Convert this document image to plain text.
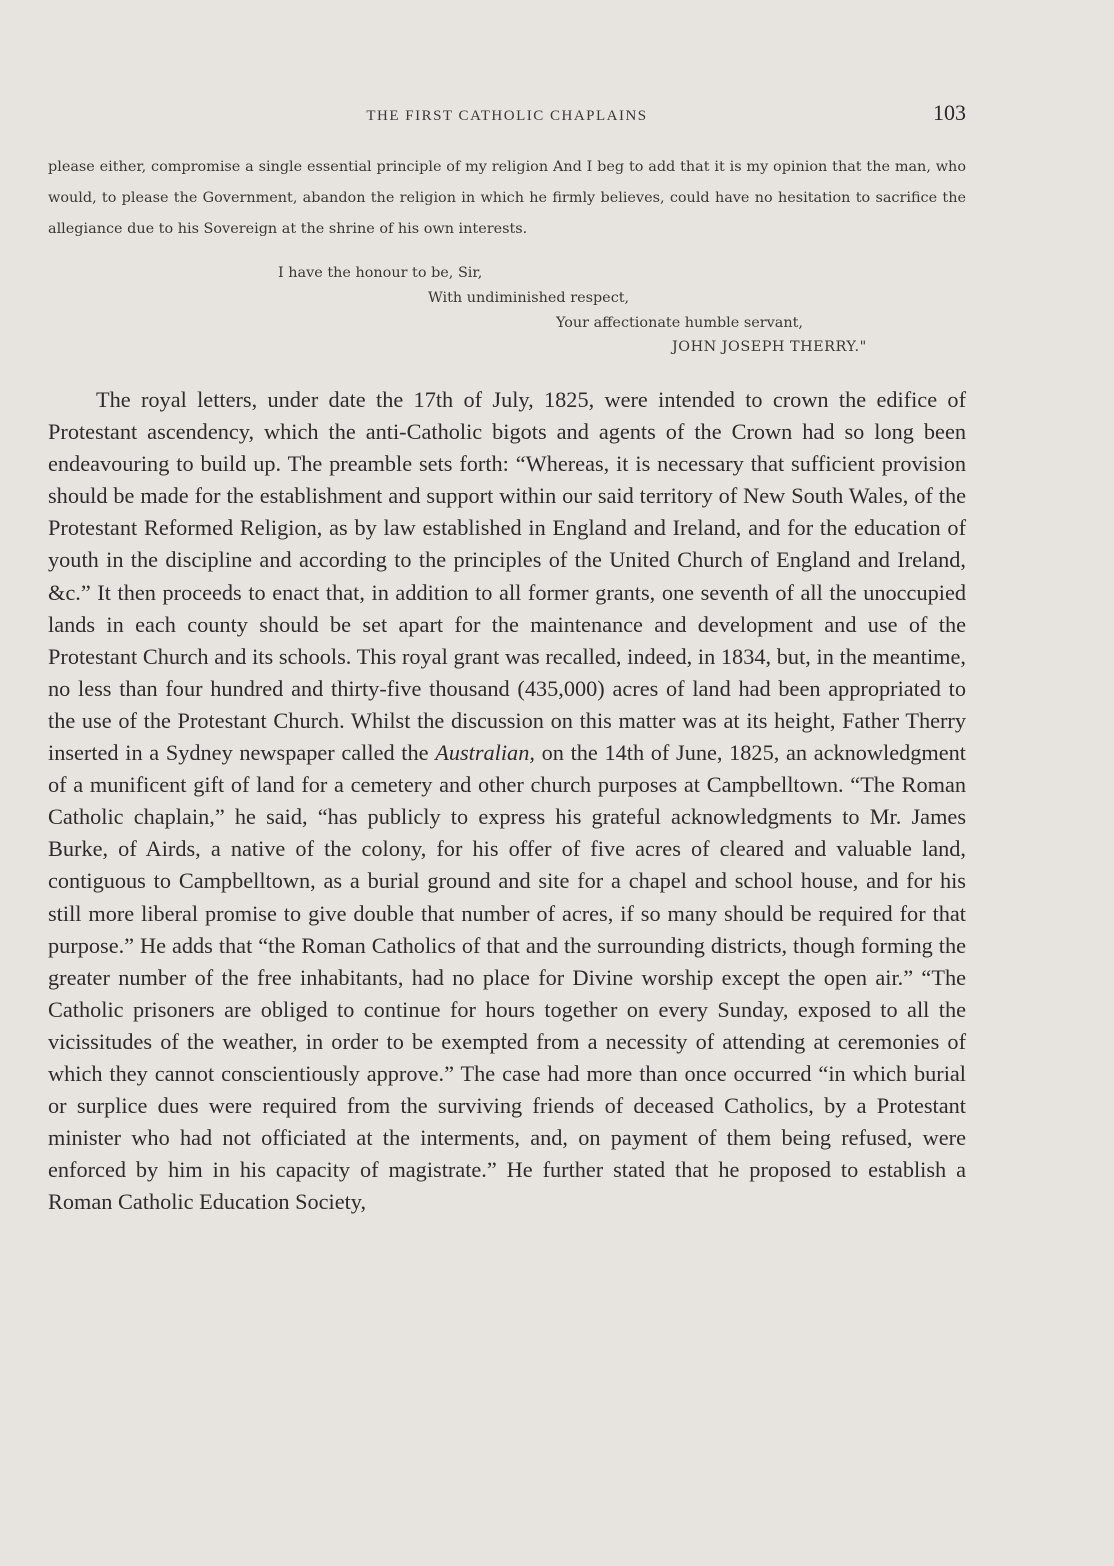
THE FIRST CATHOLIC CHAPLAINS	103

please either, compromise a single essential principle of my religion And I beg to add that it is my opinion that the man, who would, to please the Government, abandon the religion in which he firmly believes, could have no hesitation to sacrifice the allegiance due to his Sovereign at the shrine of his own interests.

I have the honour to be, Sir,
With undiminished respect,
Your affectionate humble servant,
JOHN JOSEPH THERRY."

The royal letters, under date the 17th of July, 1825, were intended to crown the edifice of Protestant ascendency, which the anti-Catholic bigots and agents of the Crown had so long been endeavouring to build up. The preamble sets forth: “Whereas, it is necessary that sufficient provision should be made for the establishment and support within our said territory of New South Wales, of the Protestant Reformed Religion, as by law established in England and Ireland, and for the education of youth in the discipline and according to the principles of the United Church of England and Ireland, &c.” It then proceeds to enact that, in addition to all former grants, one seventh of all the unoccupied lands in each county should be set apart for the maintenance and development and use of the Protestant Church and its schools. This royal grant was recalled, indeed, in 1834, but, in the meantime, no less than four hundred and thirty-five thousand (435,000) acres of land had been appropriated to the use of the Protestant Church. Whilst the discussion on this matter was at its height, Father Therry inserted in a Sydney newspaper called the Australian, on the 14th of June, 1825, an acknowledgment of a munificent gift of land for a cemetery and other church purposes at Campbelltown. “The Roman Catholic chaplain,” he said, “has publicly to express his grateful acknowledgments to Mr. James Burke, of Airds, a native of the colony, for his offer of five acres of cleared and valuable land, contiguous to Campbelltown, as a burial ground and site for a chapel and school house, and for his still more liberal promise to give double that number of acres, if so many should be required for that purpose.” He adds that “the Roman Catholics of that and the surrounding districts, though forming the greater number of the free inhabitants, had no place for Divine worship except the open air.” “The Catholic prisoners are obliged to continue for hours together on every Sunday, exposed to all the vicissitudes of the weather, in order to be exempted from a necessity of attending at ceremonies of which they cannot conscientiously approve.” The case had more than once occurred “in which burial or surplice dues were required from the surviving friends of deceased Catholics, by a Protestant minister who had not officiated at the interments, and, on payment of them being refused, were enforced by him in his capacity of magistrate.” He further stated that he proposed to establish a Roman Catholic Education Society,
